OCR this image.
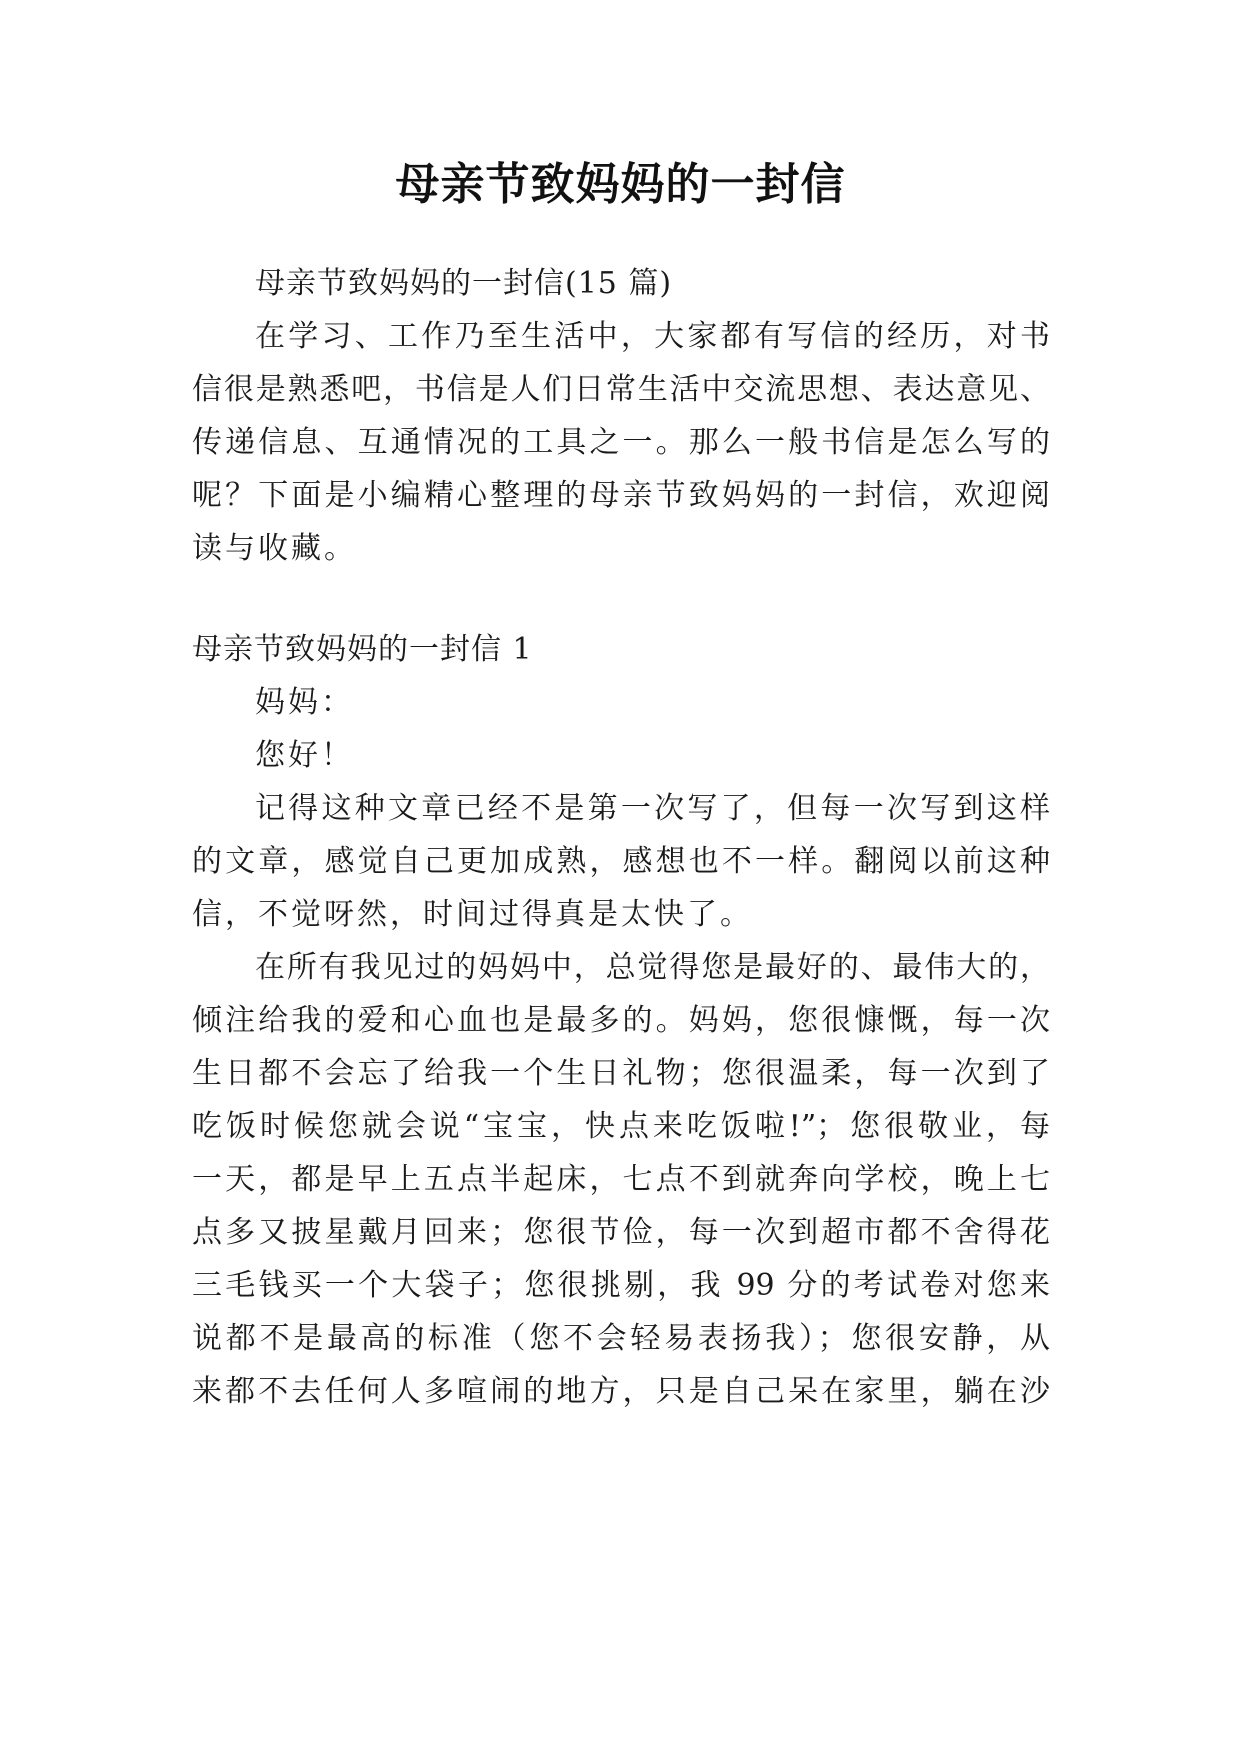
母亲节致妈妈的一封信
母亲节致妈妈的一封信(15 篇)
在学习、工作乃至生活中，大家都有写信的经历，对书
信很是熟悉吧，书信是人们日常生活中交流思想、表达意见、
传递信息、互通情况的工具之一。那么一般书信是怎么写的
呢？下面是小编精心整理的母亲节致妈妈的一封信，欢迎阅
读与收藏。
母亲节致妈妈的一封信 1
妈妈：
您好！
记得这种文章已经不是第一次写了，但每一次写到这样
的文章，感觉自己更加成熟，感想也不一样。翻阅以前这种
信，不觉呀然，时间过得真是太快了。
在所有我见过的妈妈中，总觉得您是最好的、最伟大的，
倾注给我的爱和心血也是最多的。妈妈，您很慷慨，每一次
生日都不会忘了给我一个生日礼物；您很温柔，每一次到了
吃饭时候您就会说“宝宝，快点来吃饭啦!”；您很敬业，每
一天，都是早上五点半起床，七点不到就奔向学校，晚上七
点多又披星戴月回来；您很节俭，每一次到超市都不舍得花
三毛钱买一个大袋子；您很挑剔，我 99 分的考试卷对您来
说都不是最高的标准（您不会轻易表扬我）；您很安静，从
来都不去任何人多喧闹的地方，只是自己呆在家里，躺在沙
